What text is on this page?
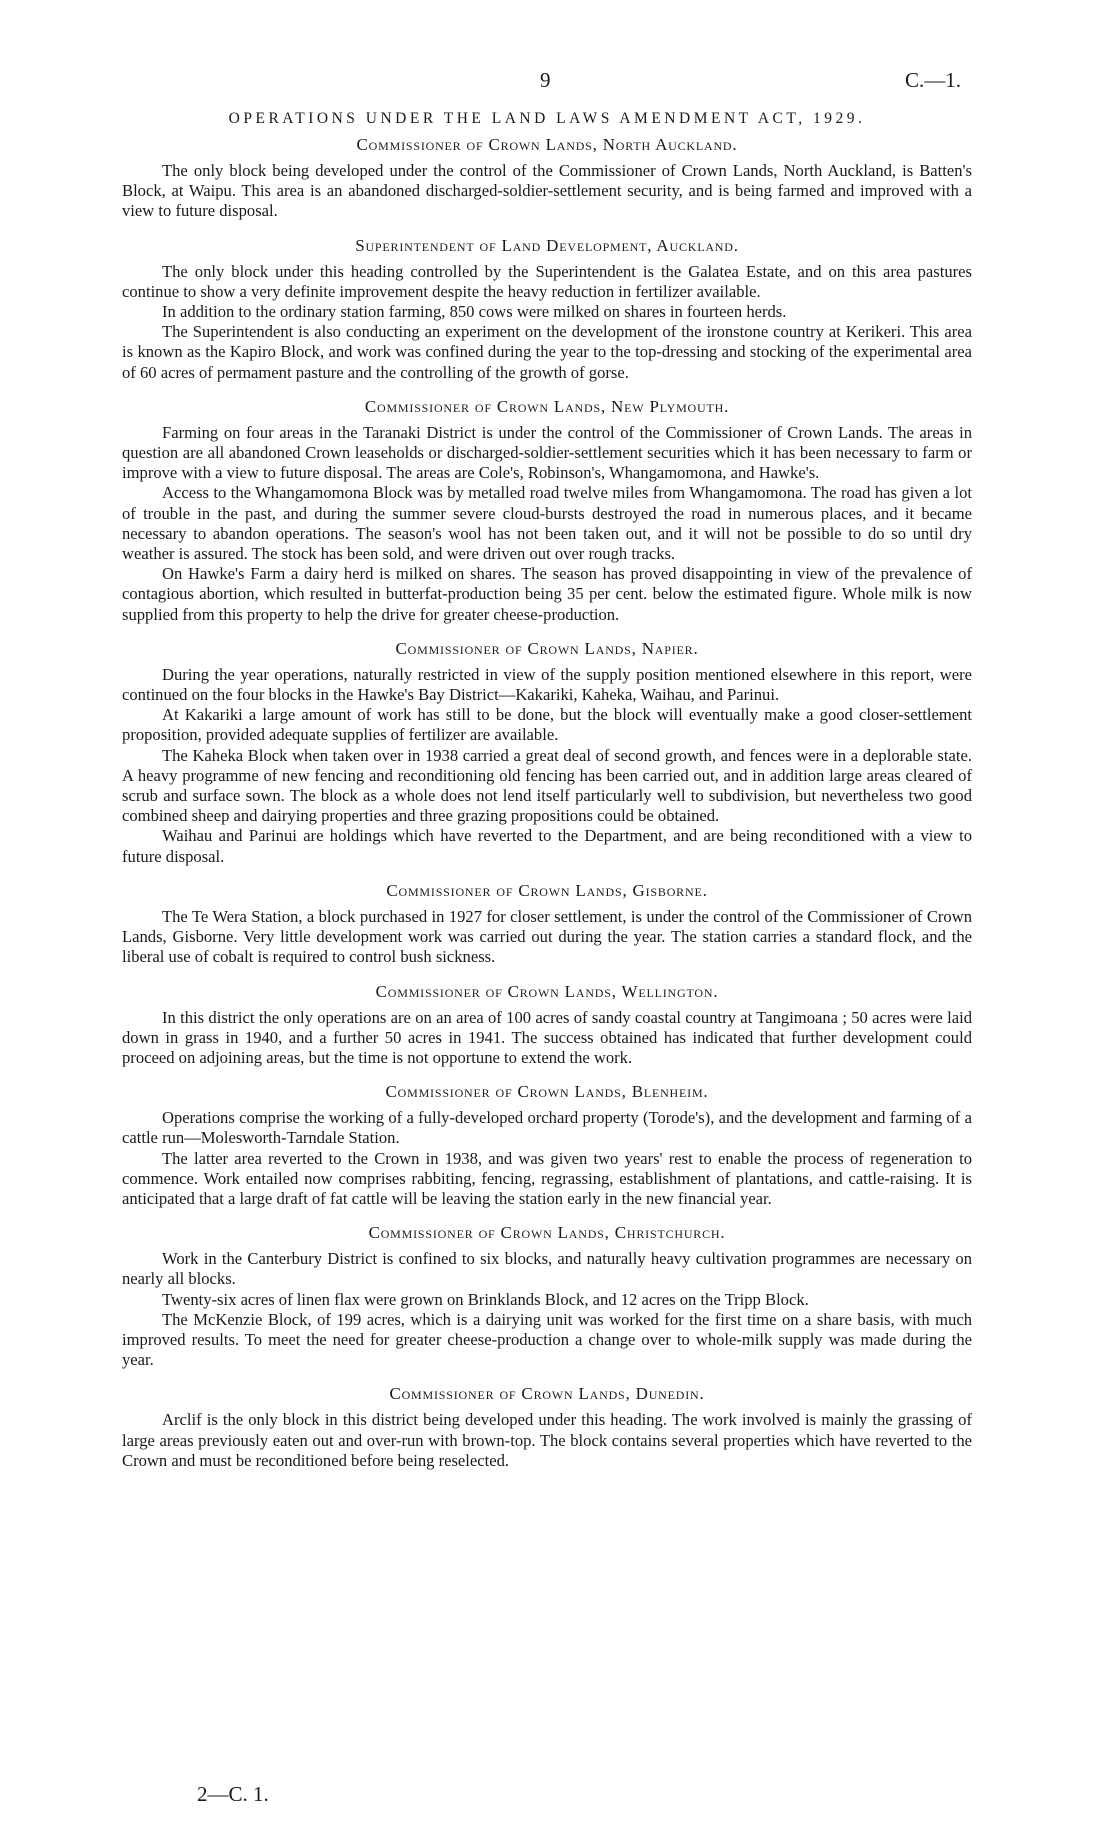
9	C.—1.
OPERATIONS UNDER THE LAND LAWS AMENDMENT ACT, 1929.
Commissioner of Crown Lands, North Auckland.

The only block being developed under the control of the Commissioner of Crown Lands, North Auckland, is Batten's Block, at Waipu. This area is an abandoned discharged-soldier-settlement security, and is being farmed and improved with a view to future disposal.

Superintendent of Land Development, Auckland.

The only block under this heading controlled by the Superintendent is the Galatea Estate, and on this area pastures continue to show a very definite improvement despite the heavy reduction in fertilizer available.

In addition to the ordinary station farming, 850 cows were milked on shares in fourteen herds.

The Superintendent is also conducting an experiment on the development of the ironstone country at Kerikeri. This area is known as the Kapiro Block, and work was confined during the year to the top-dressing and stocking of the experimental area of 60 acres of permament pasture and the controlling of the growth of gorse.

Commissioner of Crown Lands, New Plymouth.

Farming on four areas in the Taranaki District is under the control of the Commissioner of Crown Lands. The areas in question are all abandoned Crown leaseholds or discharged-soldier-settlement securities which it has been necessary to farm or improve with a view to future disposal. The areas are Cole's, Robinson's, Whangamomona, and Hawke's.

Access to the Whangamomona Block was by metalled road twelve miles from Whangamomona. The road has given a lot of trouble in the past, and during the summer severe cloud-bursts destroyed the road in numerous places, and it became necessary to abandon operations. The season's wool has not been taken out, and it will not be possible to do so until dry weather is assured. The stock has been sold, and were driven out over rough tracks.

On Hawke's Farm a dairy herd is milked on shares. The season has proved disappointing in view of the prevalence of contagious abortion, which resulted in butterfat-production being 35 per cent. below the estimated figure. Whole milk is now supplied from this property to help the drive for greater cheese-production.

Commissioner of Crown Lands, Napier.

During the year operations, naturally restricted in view of the supply position mentioned elsewhere in this report, were continued on the four blocks in the Hawke's Bay District—Kakariki, Kaheka, Waihau, and Parinui.

At Kakariki a large amount of work has still to be done, but the block will eventually make a good closer-settlement proposition, provided adequate supplies of fertilizer are available.

The Kaheka Block when taken over in 1938 carried a great deal of second growth, and fences were in a deplorable state. A heavy programme of new fencing and reconditioning old fencing has been carried out, and in addition large areas cleared of scrub and surface sown. The block as a whole does not lend itself particularly well to subdivision, but nevertheless two good combined sheep and dairying properties and three grazing propositions could be obtained.

Waihau and Parinui are holdings which have reverted to the Department, and are being reconditioned with a view to future disposal.

Commissioner of Crown Lands, Gisborne.

The Te Wera Station, a block purchased in 1927 for closer settlement, is under the control of the Commissioner of Crown Lands, Gisborne. Very little development work was carried out during the year. The station carries a standard flock, and the liberal use of cobalt is required to control bush sickness.

Commissioner of Crown Lands, Wellington.

In this district the only operations are on an area of 100 acres of sandy coastal country at Tangimoana ; 50 acres were laid down in grass in 1940, and a further 50 acres in 1941. The success obtained has indicated that further development could proceed on adjoining areas, but the time is not opportune to extend the work.

Commissioner of Crown Lands, Blenheim.

Operations comprise the working of a fully-developed orchard property (Torode's), and the development and farming of a cattle run—Molesworth-Tarndale Station.

The latter area reverted to the Crown in 1938, and was given two years' rest to enable the process of regeneration to commence. Work entailed now comprises rabbiting, fencing, regrassing, establishment of plantations, and cattle-raising. It is anticipated that a large draft of fat cattle will be leaving the station early in the new financial year.

Commissioner of Crown Lands, Christchurch.

Work in the Canterbury District is confined to six blocks, and naturally heavy cultivation programmes are necessary on nearly all blocks.

Twenty-six acres of linen flax were grown on Brinklands Block, and 12 acres on the Tripp Block.

The McKenzie Block, of 199 acres, which is a dairying unit was worked for the first time on a share basis, with much improved results. To meet the need for greater cheese-production a change over to whole-milk supply was made during the year.

Commissioner of Crown Lands, Dunedin.

Arclif is the only block in this district being developed under this heading. The work involved is mainly the grassing of large areas previously eaten out and over-run with brown-top. The block contains several properties which have reverted to the Crown and must be reconditioned before being reselected.

2—C. 1.
